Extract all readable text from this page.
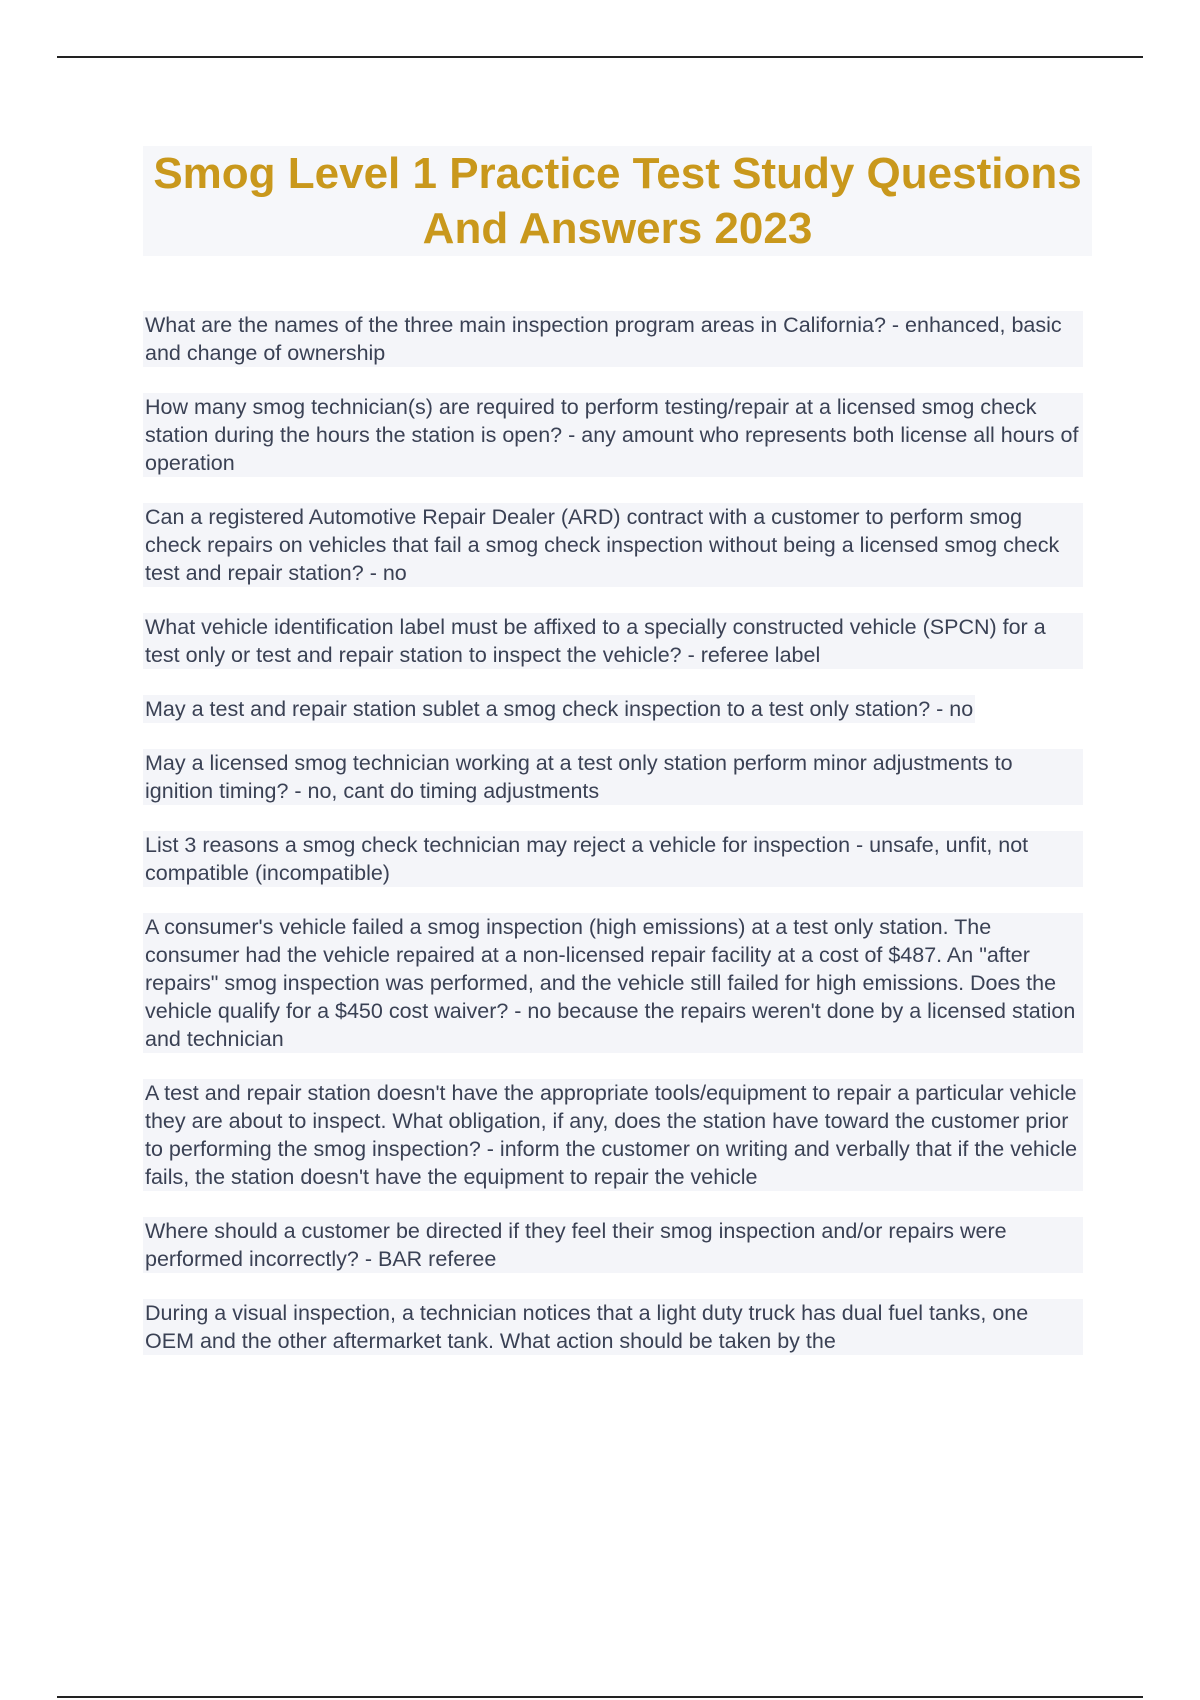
Smog Level 1 Practice Test Study Questions And Answers 2023

What are the names of the three main inspection program areas in California? - enhanced, basic and change of ownership

How many smog technician(s) are required to perform testing/repair at a licensed smog check station during the hours the station is open? - any amount who represents both license all hours of operation

Can a registered Automotive Repair Dealer (ARD) contract with a customer to perform smog check repairs on vehicles that fail a smog check inspection without being a licensed smog check test and repair station? - no

What vehicle identification label must be affixed to a specially constructed vehicle (SPCN) for a test only or test and repair station to inspect the vehicle? - referee label

May a test and repair station sublet a smog check inspection to a test only station? - no

May a licensed smog technician working at a test only station perform minor adjustments to ignition timing? - no, cant do timing adjustments

List 3 reasons a smog check technician may reject a vehicle for inspection - unsafe, unfit, not compatible (incompatible)

A consumer's vehicle failed a smog inspection (high emissions) at a test only station. The consumer had the vehicle repaired at a non-licensed repair facility at a cost of $487. An "after repairs" smog inspection was performed, and the vehicle still failed for high emissions. Does the vehicle qualify for a $450 cost waiver? - no because the repairs weren't done by a licensed station and technician

A test and repair station doesn't have the appropriate tools/equipment to repair a particular vehicle they are about to inspect. What obligation, if any, does the station have toward the customer prior to performing the smog inspection? - inform the customer on writing and verbally that if the vehicle fails, the station doesn't have the equipment to repair the vehicle

Where should a customer be directed if they feel their smog inspection and/or repairs were performed incorrectly? - BAR referee

During a visual inspection, a technician notices that a light duty truck has dual fuel tanks, one OEM and the other aftermarket tank. What action should be taken by the
